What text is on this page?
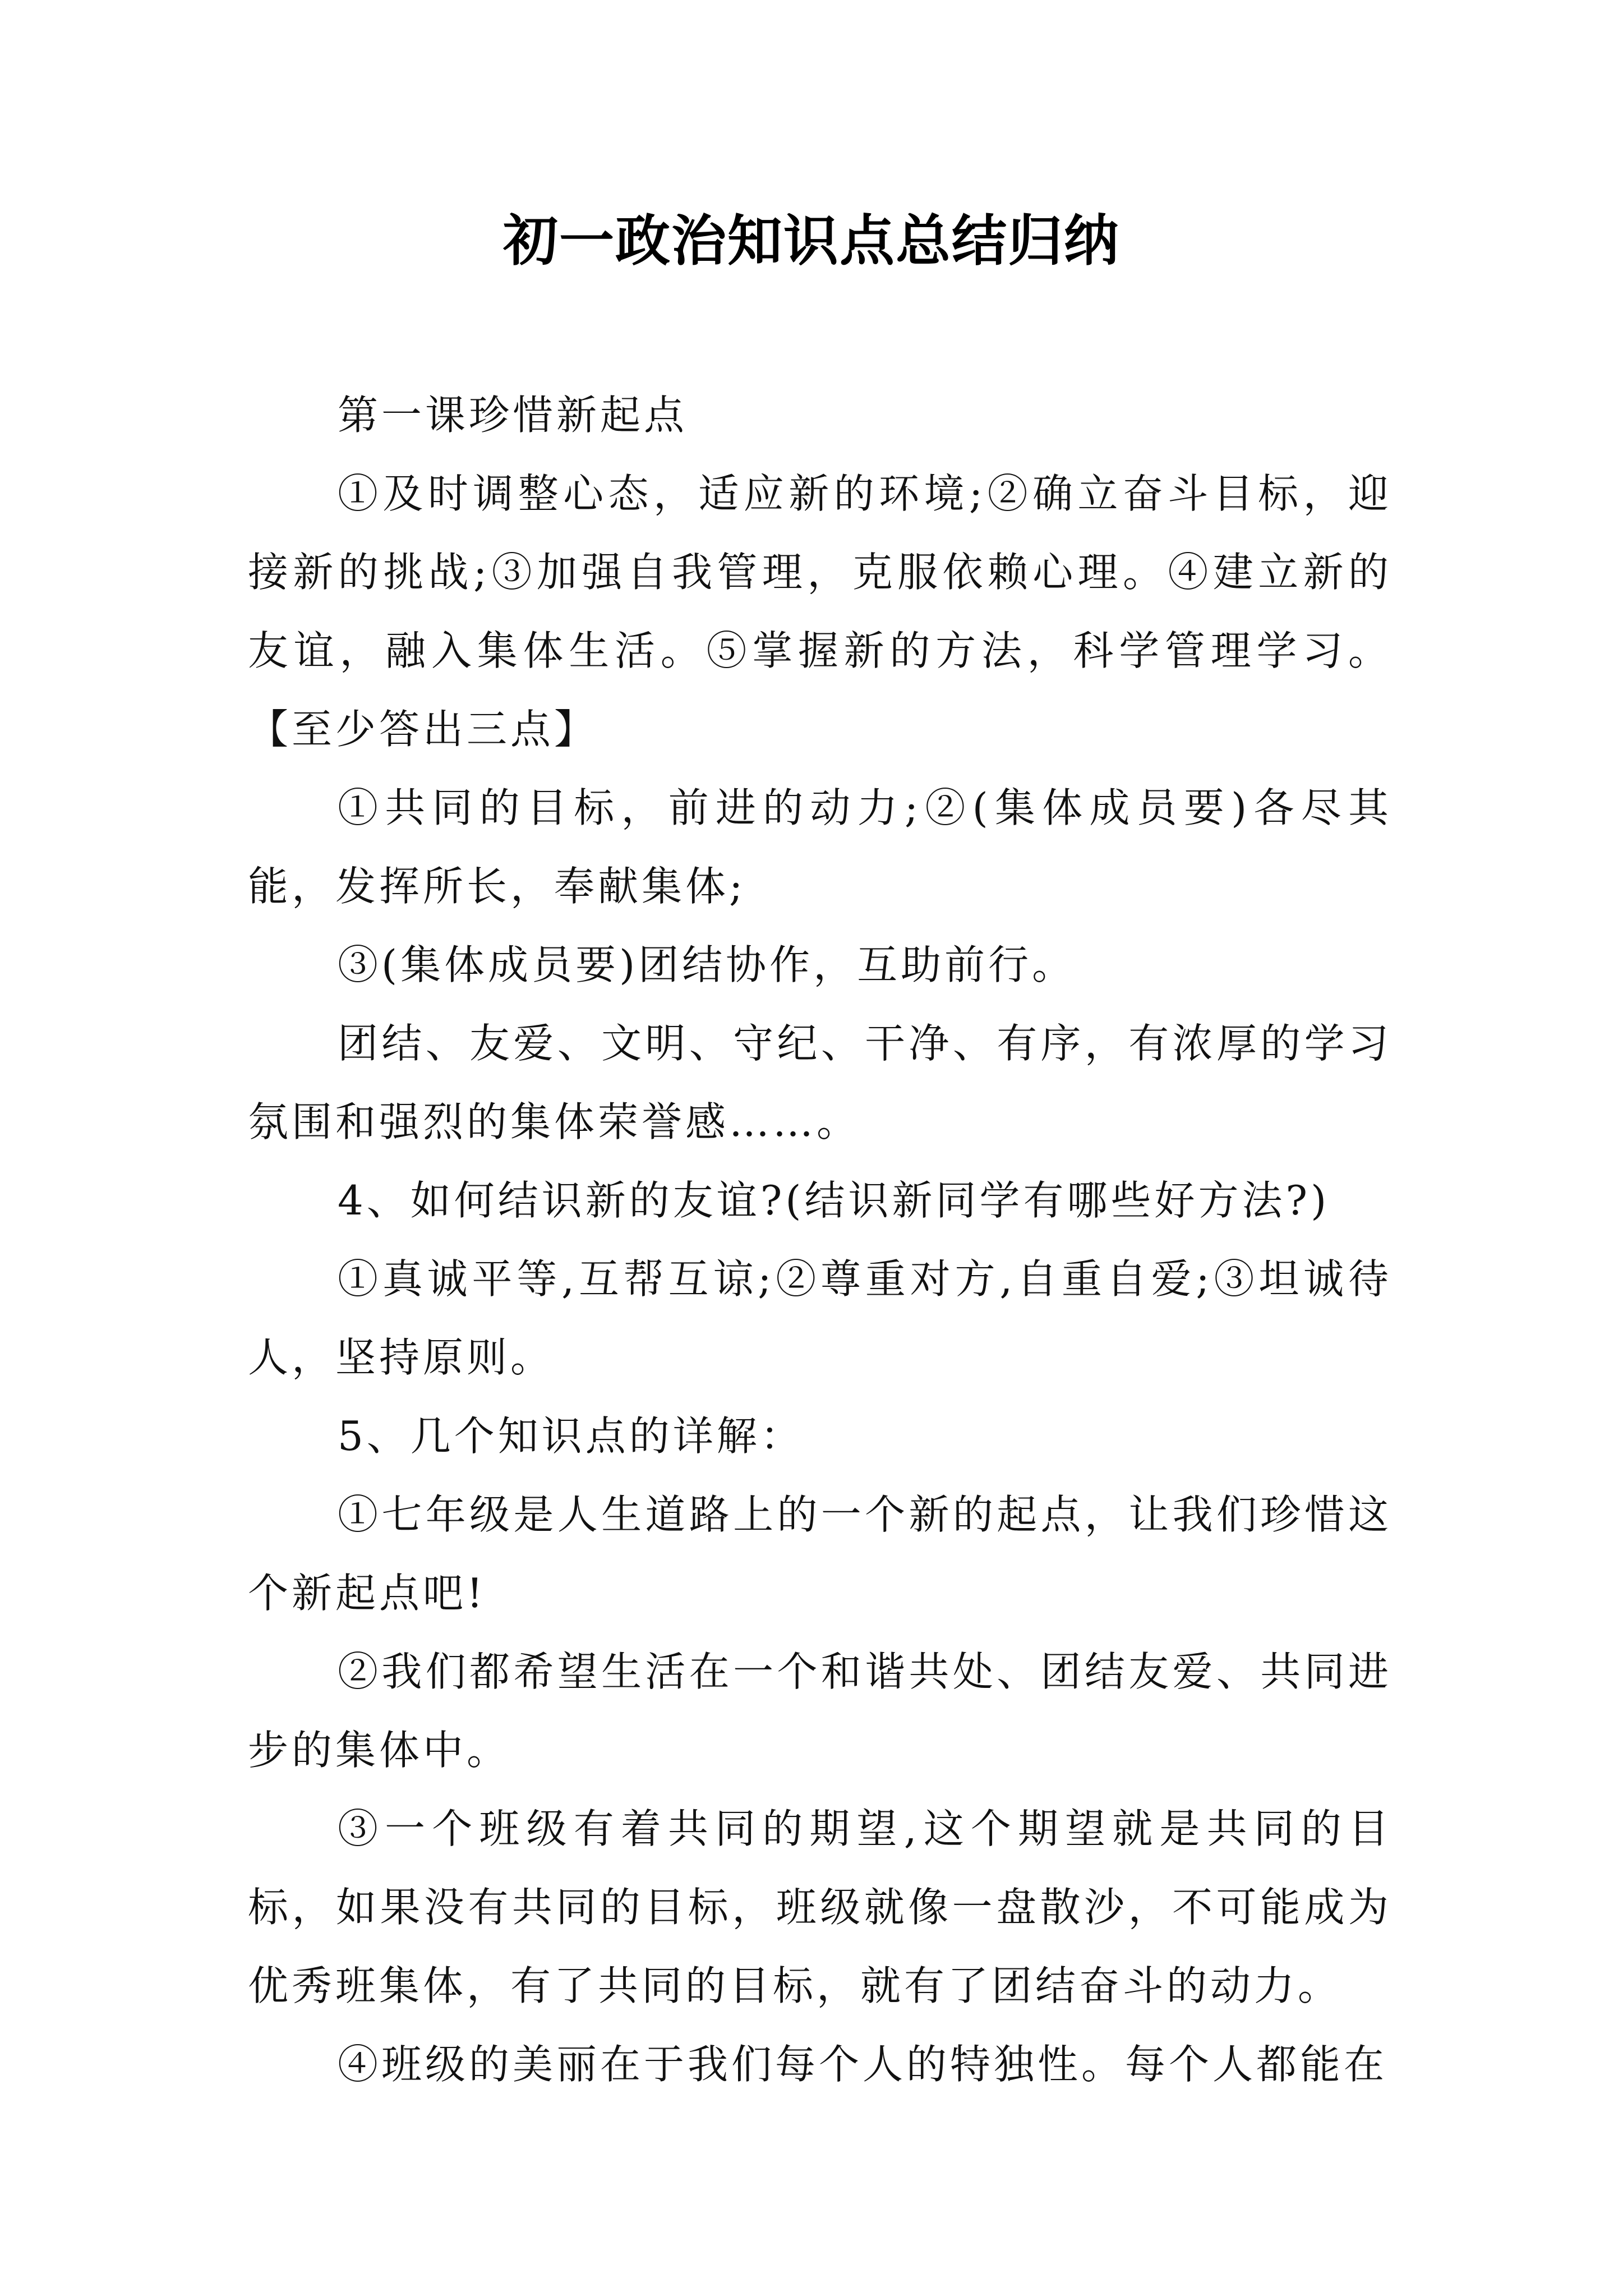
初一政治知识点总结归纳

第一课珍惜新起点

①及时调整心态，适应新的环境;②确立奋斗目标，迎接新的挑战;③加强自我管理，克服依赖心理。④建立新的友谊，融入集体生活。⑤掌握新的方法，科学管理学习。【至少答出三点】

①共同的目标，前进的动力;②(集体成员要)各尽其能，发挥所长，奉献集体;

③(集体成员要)团结协作，互助前行。

团结、友爱、文明、守纪、干净、有序，有浓厚的学习氛围和强烈的集体荣誉感……。

4、如何结识新的友谊?(结识新同学有哪些好方法?)

①真诚平等,互帮互谅;②尊重对方,自重自爱;③坦诚待人，坚持原则。

5、几个知识点的详解：

①七年级是人生道路上的一个新的起点，让我们珍惜这个新起点吧!

②我们都希望生活在一个和谐共处、团结友爱、共同进步的集体中。

③一个班级有着共同的期望,这个期望就是共同的目标，如果没有共同的目标，班级就像一盘散沙，不可能成为优秀班集体，有了共同的目标，就有了团结奋斗的动力。

④班级的美丽在于我们每个人的特独性。每个人都能在
